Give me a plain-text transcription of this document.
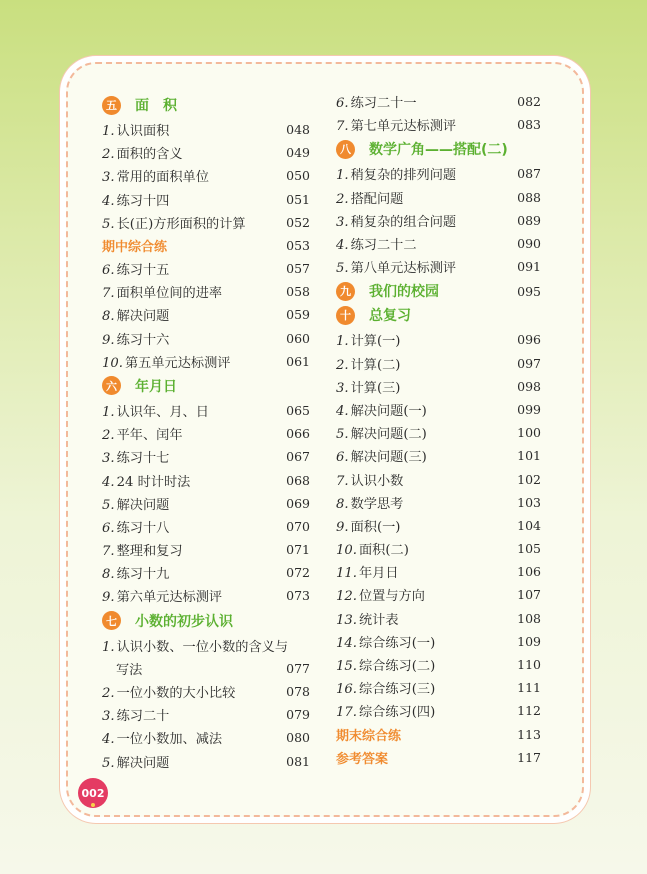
五 面　积
1. 认识面积	048
2. 面积的含义	049
3. 常用的面积单位	050
4. 练习十四	051
5. 长(正)方形面积的计算	052
期中综合练	053
6. 练习十五	057
7. 面积单位间的进率	058
8. 解决问题	059
9. 练习十六	060
10. 第五单元达标测评	061
六 年月日
1. 认识年、月、日	065
2. 平年、闰年	066
3. 练习十七	067
4. 24 时计时法	068
5. 解决问题	069
6. 练习十八	070
7. 整理和复习	071
8. 练习十九	072
9. 第六单元达标测评	073
七 小数的初步认识
1. 认识小数、一位小数的含义与
写法	077
2. 一位小数的大小比较	078
3. 练习二十	079
4. 一位小数加、减法	080
5. 解决问题	081
6. 练习二十一	082
7. 第七单元达标测评	083
八 数学广角——搭配(二)
1. 稍复杂的排列问题	087
2. 搭配问题	088
3. 稍复杂的组合问题	089
4. 练习二十二	090
5. 第八单元达标测评	091
九 我们的校园	095
十 总复习
1. 计算(一)	096
2. 计算(二)	097
3. 计算(三)	098
4. 解决问题(一)	099
5. 解决问题(二)	100
6. 解决问题(三)	101
7. 认识小数	102
8. 数学思考	103
9. 面积(一)	104
10. 面积(二)	105
11. 年月日	106
12. 位置与方向	107
13. 统计表	108
14. 综合练习(一)	109
15. 综合练习(二)	110
16. 综合练习(三)	111
17. 综合练习(四)	112
期末综合练	113
参考答案	117
002
